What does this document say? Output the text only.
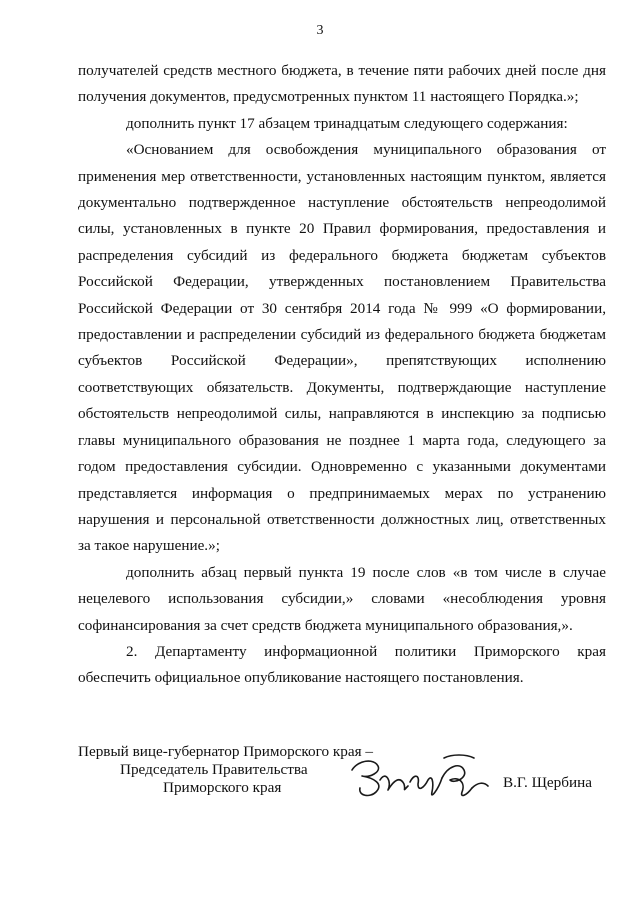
3

получателей средств местного бюджета, в течение пяти рабочих дней после дня получения документов, предусмотренных пунктом 11 настоящего Порядка.»;

дополнить пункт 17 абзацем тринадцатым следующего содержания:

«Основанием для освобождения муниципального образования от применения мер ответственности, установленных настоящим пунктом, является документально подтвержденное наступление обстоятельств непреодолимой силы, установленных в пункте 20 Правил формирования, предоставления и распределения субсидий из федерального бюджета бюджетам субъектов Российской Федерации, утвержденных постановлением Правительства Российской Федерации от 30 сентября 2014 года № 999 «О формировании, предоставлении и распределении субсидий из федерального бюджета бюджетам субъектов Российской Федерации», препятствующих исполнению соответствующих обязательств. Документы, подтверждающие наступление обстоятельств непреодолимой силы, направляются в инспекцию за подписью главы муниципального образования не позднее 1 марта года, следующего за годом предоставления субсидии. Одновременно с указанными документами представляется информация о предпринимаемых мерах по устранению нарушения и персональной ответственности должностных лиц, ответственных за такое нарушение.»;

дополнить абзац первый пункта 19 после слов «в том числе в случае нецелевого использования субсидии,» словами «несоблюдения уровня софинансирования за счет средств бюджета муниципального образования,».

2. Департаменту информационной политики Приморского края обеспечить официальное опубликование настоящего постановления.

Первый вице-губернатор Приморского края –
Председатель Правительства
Приморского края	В.Г. Щербина
